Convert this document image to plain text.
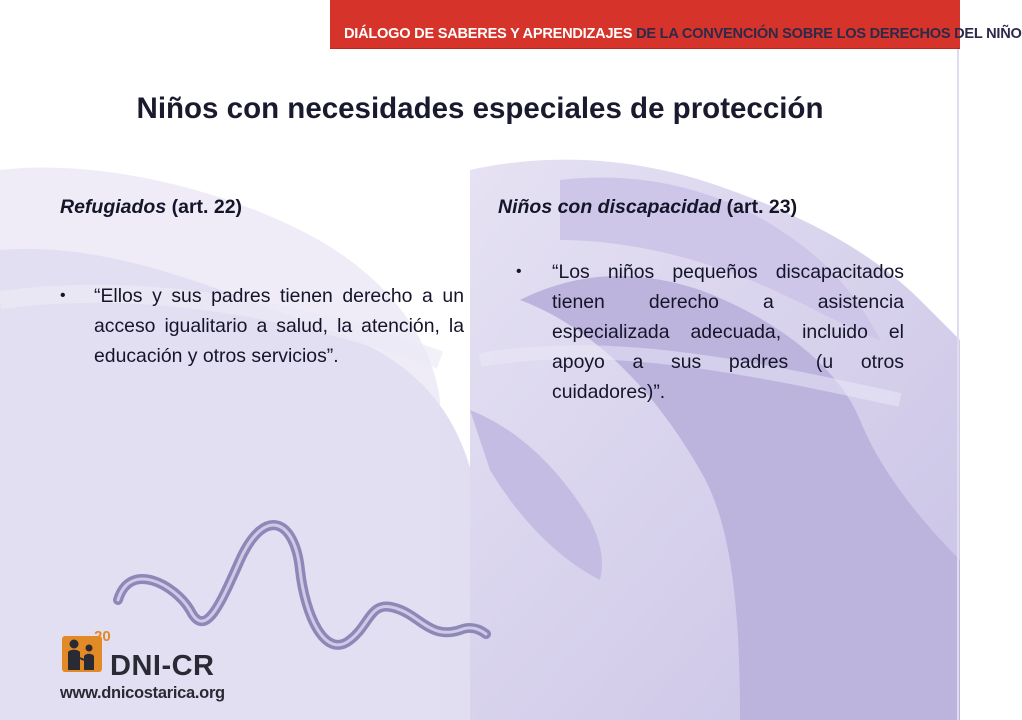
DIÁLOGO DE SABERES Y APRENDIZAJES DE LA CONVENCIÓN SOBRE LOS DERECHOS DEL NIÑO
Niños con necesidades especiales de protección
Refugiados (art. 22)
• “Ellos y sus padres tienen derecho a un acceso igualitario a salud, la atención, la educación y otros servicios”.
Niños con discapacidad (art. 23)
• “Los niños pequeños discapacitados tienen derecho a asistencia especializada adecuada, incluido el apoyo a sus padres (u otros cuidadores)”.
20
DNI-CR
www.dnicostarica.org
